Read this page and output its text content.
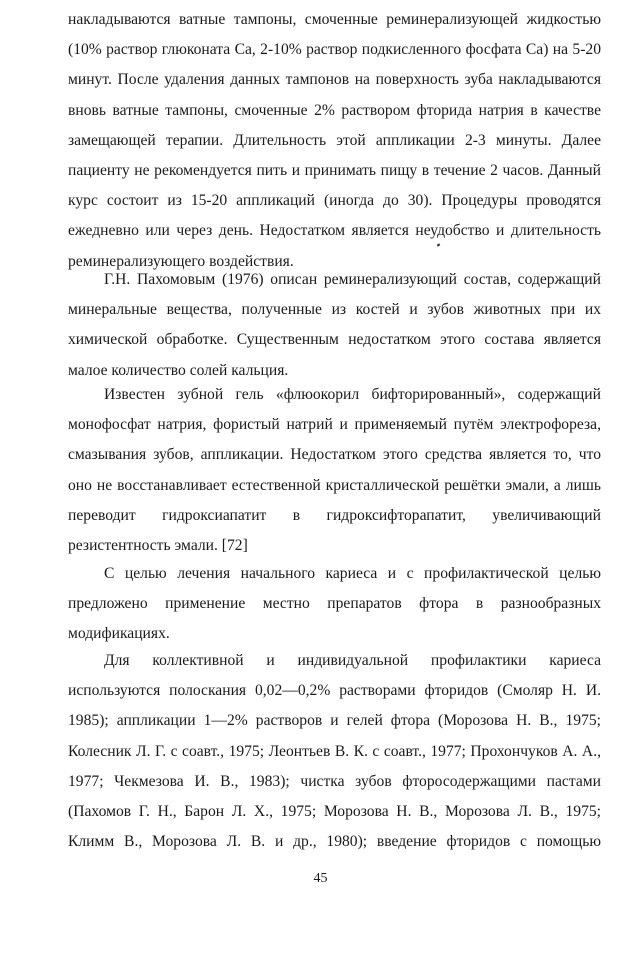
накладываются ватные тампоны, смоченные реминерализующей жидкостью (10% раствор глюконата Са, 2-10% раствор подкисленного фосфата Са) на 5-20 минут. После удаления данных тампонов на поверхность зуба накладываются вновь ватные тампоны, смоченные 2% раствором фторида натрия в качестве замещающей терапии. Длительность этой аппликации 2-3 минуты. Далее пациенту не рекомендуется пить и принимать пищу в течение 2 часов. Данный курс состоит из 15-20 аппликаций (иногда до 30). Процедуры проводятся ежедневно или через день. Недостатком является неудобство и длительность реминерализующего воздействия.

Г.Н. Пахомовым (1976) описан реминерализующий состав, содержащий минеральные вещества, полученные из костей и зубов животных при их химической обработке. Существенным недостатком этого состава является малое количество солей кальция.

Известен зубной гель «флюокорил бифторированный», содержащий монофосфат натрия, фористый натрий и применяемый путём электрофореза, смазывания зубов, аппликации. Недостатком этого средства является то, что оно не восстанавливает естественной кристаллической решётки эмали, а лишь переводит гидроксиапатит в гидроксифторапатит, увеличивающий резистентность эмали. [72]

С целью лечения начального кариеса и с профилактической целью предложено применение местно препаратов фтора в разнообразных модификациях.

Для коллективной и индивидуальной профилактики кариеса используются полоскания 0,02—0,2% растворами фторидов (Смоляр Н. И. 1985); аппликации 1—2% растворов и гелей фтора (Морозова Н. В., 1975; Колесник Л. Г. с соавт., 1975; Леонтьев В. К. с соавт., 1977; Прохончуков А. А., 1977; Чекмезова И. В., 1983); чистка зубов фторосодержащими пастами (Пахомов Г. Н., Барон Л. Х., 1975; Морозова Н. В., Морозова Л. В., 1975; Климм В., Морозова Л. В. и др., 1980); введение фторидов с помощью

45
